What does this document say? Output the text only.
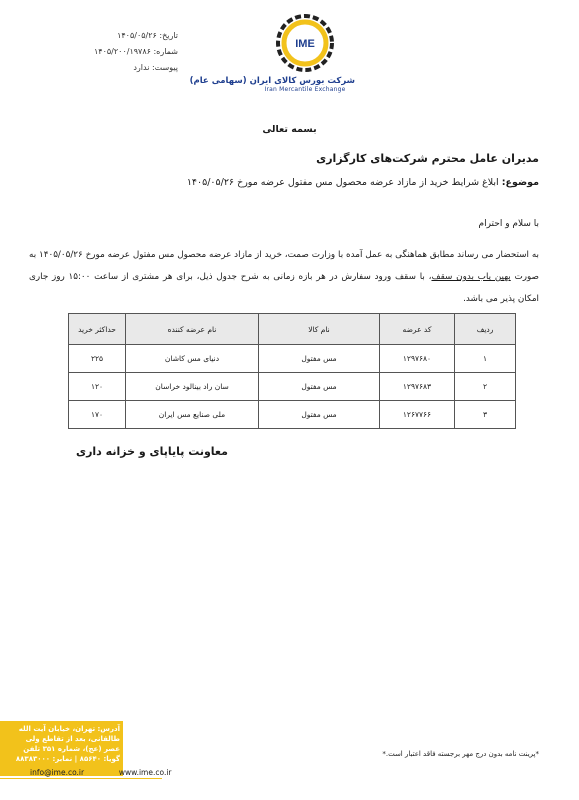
تاریخ: ۱۴۰۵/۰۵/۲۶
شماره: ۱۴۰۵/۲۰۰/۱۹۷۸۶
پیوست: ندارد
IME
شرکت بورس کالای ایران (سهامی عام)
Iran Mercantile Exchange
بسمه تعالی
مدیران عامل محترم شرکت‌های کارگزاری
موضوع: ابلاغ شرایط خرید از مازاد عرضه محصول مس مفتول عرضه مورخ ۱۴۰۵/۰۵/۲۶
با سلام و احترام
به استحضار می رساند مطابق هماهنگی به عمل آمده با وزارت صمت، خرید از مازاد عرضه محصول مس مفتول عرضه مورخ ۱۴۰۵/۰۵/۲۶ به صورت بهین یاب بدون سقف، با سقف ورود سفارش در هر بازه زمانی به شرح جدول ذیل، برای هر مشتری از ساعت ۱۵:۰۰ روز جاری امکان پذیر می باشد.
ردیف	کد عرضه	نام کالا	نام عرضه کننده	حداکثر خرید
۱	۱۲۹۷۶۸۰	مس مفتول	دنیای مس کاشان	۲۲۵
۲	۱۲۹۷۶۸۳	مس مفتول	سان راد بینالود خراسان	۱۲۰
۳	۱۲۶۷۷۶۶	مس مفتول	ملی صنایع مس ایران	۱۷۰
معاونت پایاپای و خزانه داری
آدرس: تهران، خیابان آیت الله طالقانی، بعد از تقاطع ولی عصر (عج)، شماره ۳۵۱ تلفن گویا: ۸۵۶۴۰ | نمابر: ۸۸۳۸۳۰۰۰
info@ime.co.ir	www.ime.co.ir
*پرینت نامه بدون درج مهر برجسته فاقد اعتبار است.*
